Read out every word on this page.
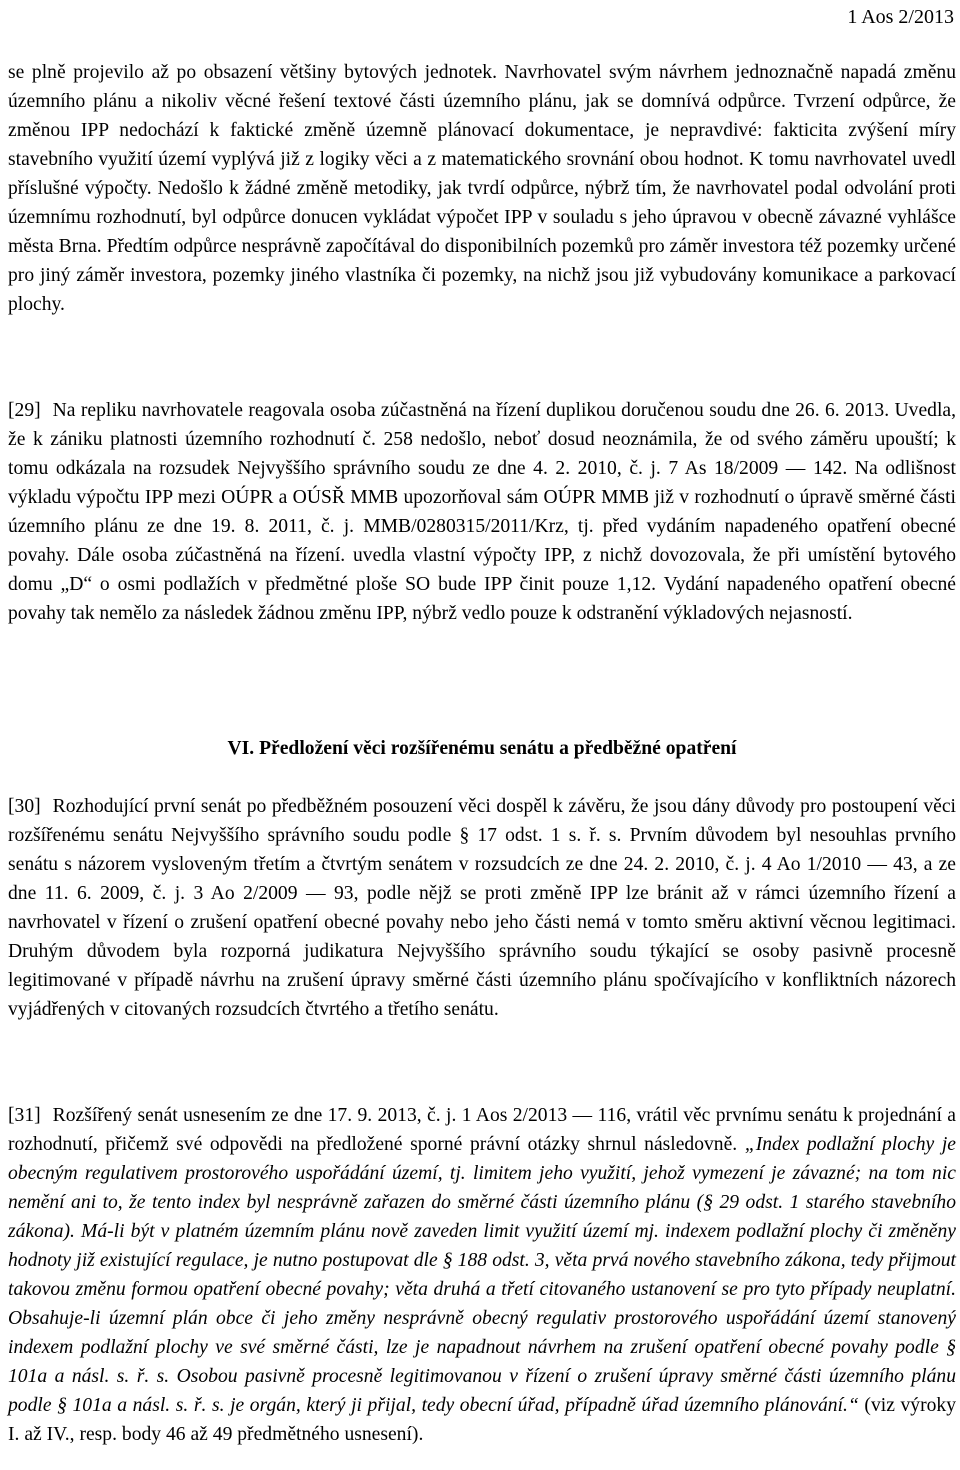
1 Aos 2/2013

se plně projevilo až po obsazení většiny bytových jednotek. Navrhovatel svým návrhem jednoznačně napadá změnu územního plánu a nikoliv věcné řešení textové části územního plánu, jak se domnívá odpůrce. Tvrzení odpůrce, že změnou IPP nedochází k faktické změně územně plánovací dokumentace, je nepravdivé: fakticita zvýšení míry stavebního využití území vyplývá již z logiky věci a z matematického srovnání obou hodnot. K tomu navrhovatel uvedl příslušné výpočty. Nedošlo k žádné změně metodiky, jak tvrdí odpůrce, nýbrž tím, že navrhovatel podal odvolání proti územnímu rozhodnutí, byl odpůrce donucen vykládat výpočet IPP v souladu s jeho úpravou v obecně závazné vyhlášce města Brna. Předtím odpůrce nesprávně započítával do disponibilních pozemků pro záměr investora též pozemky určené pro jiný záměr investora, pozemky jiného vlastníka či pozemky, na nichž jsou již vybudovány komunikace a parkovací plochy.

[29] Na repliku navrhovatele reagovala osoba zúčastněná na řízení duplikou doručenou soudu dne 26. 6. 2013. Uvedla, že k zániku platnosti územního rozhodnutí č. 258 nedošlo, neboť dosud neoznámila, že od svého záměru upouští; k tomu odkázala na rozsudek Nejvyššího správního soudu ze dne 4. 2. 2010, č. j. 7 As 18/2009 — 142. Na odlišnost výkladu výpočtu IPP mezi OÚPR a OÚSŘ MMB upozorňoval sám OÚPR MMB již v rozhodnutí o úpravě směrné části územního plánu ze dne 19. 8. 2011, č. j. MMB/0280315/2011/Krz, tj. před vydáním napadeného opatření obecné povahy. Dále osoba zúčastněná na řízení. uvedla vlastní výpočty IPP, z nichž dovozovala, že při umístění bytového domu „D“ o osmi podlažích v předmětné ploše SO bude IPP činit pouze 1,12. Vydání napadeného opatření obecné povahy tak nemělo za následek žádnou změnu IPP, nýbrž vedlo pouze k odstranění výkladových nejasností.

VI. Předložení věci rozšířenému senátu a předběžné opatření

[30] Rozhodující první senát po předběžném posouzení věci dospěl k závěru, že jsou dány důvody pro postoupení věci rozšířenému senátu Nejvyššího správního soudu podle § 17 odst. 1 s. ř. s. Prvním důvodem byl nesouhlas prvního senátu s názorem vysloveným třetím a čtvrtým senátem v rozsudcích ze dne 24. 2. 2010, č. j. 4 Ao 1/2010 — 43, a ze dne 11. 6. 2009, č. j. 3 Ao 2/2009 — 93, podle nějž se proti změně IPP lze bránit až v rámci územního řízení a navrhovatel v řízení o zrušení opatření obecné povahy nebo jeho části nemá v tomto směru aktivní věcnou legitimaci. Druhým důvodem byla rozporná judikatura Nejvyššího správního soudu týkající se osoby pasivně procesně legitimované v případě návrhu na zrušení úpravy směrné části územního plánu spočívajícího v konfliktních názorech vyjádřených v citovaných rozsudcích čtvrtého a třetího senátu.

[31] Rozšířený senát usnesením ze dne 17. 9. 2013, č. j. 1 Aos 2/2013 — 116, vrátil věc prvnímu senátu k projednání a rozhodnutí, přičemž své odpovědi na předložené sporné právní otázky shrnul následovně. „Index podlažní plochy je obecným regulativem prostorového uspořádání území, tj. limitem jeho využití, jehož vymezení je závazné; na tom nic nemění ani to, že tento index byl nesprávně zařazen do směrné části územního plánu (§ 29 odst. 1 starého stavebního zákona). Má-li být v platném územním plánu nově zaveden limit využití území mj. indexem podlažní plochy či změněny hodnoty již existující regulace, je nutno postupovat dle § 188 odst. 3, věta prvá nového stavebního zákona, tedy přijmout takovou změnu formou opatření obecné povahy; věta druhá a třetí citovaného ustanovení se pro tyto případy neuplatní. Obsahuje-li územní plán obce či jeho změny nesprávně obecný regulativ prostorového uspořádání území stanovený indexem podlažní plochy ve své směrné části, lze je napadnout návrhem na zrušení opatření obecné povahy podle § 101a a násl. s. ř. s. Osobou pasivně procesně legitimovanou v řízení o zrušení úpravy směrné části územního plánu podle § 101a a násl. s. ř. s. je orgán, který ji přijal, tedy obecní úřad, případně úřad územního plánování.“ (viz výroky I. až IV., resp. body 46 až 49 předmětného usnesení).
